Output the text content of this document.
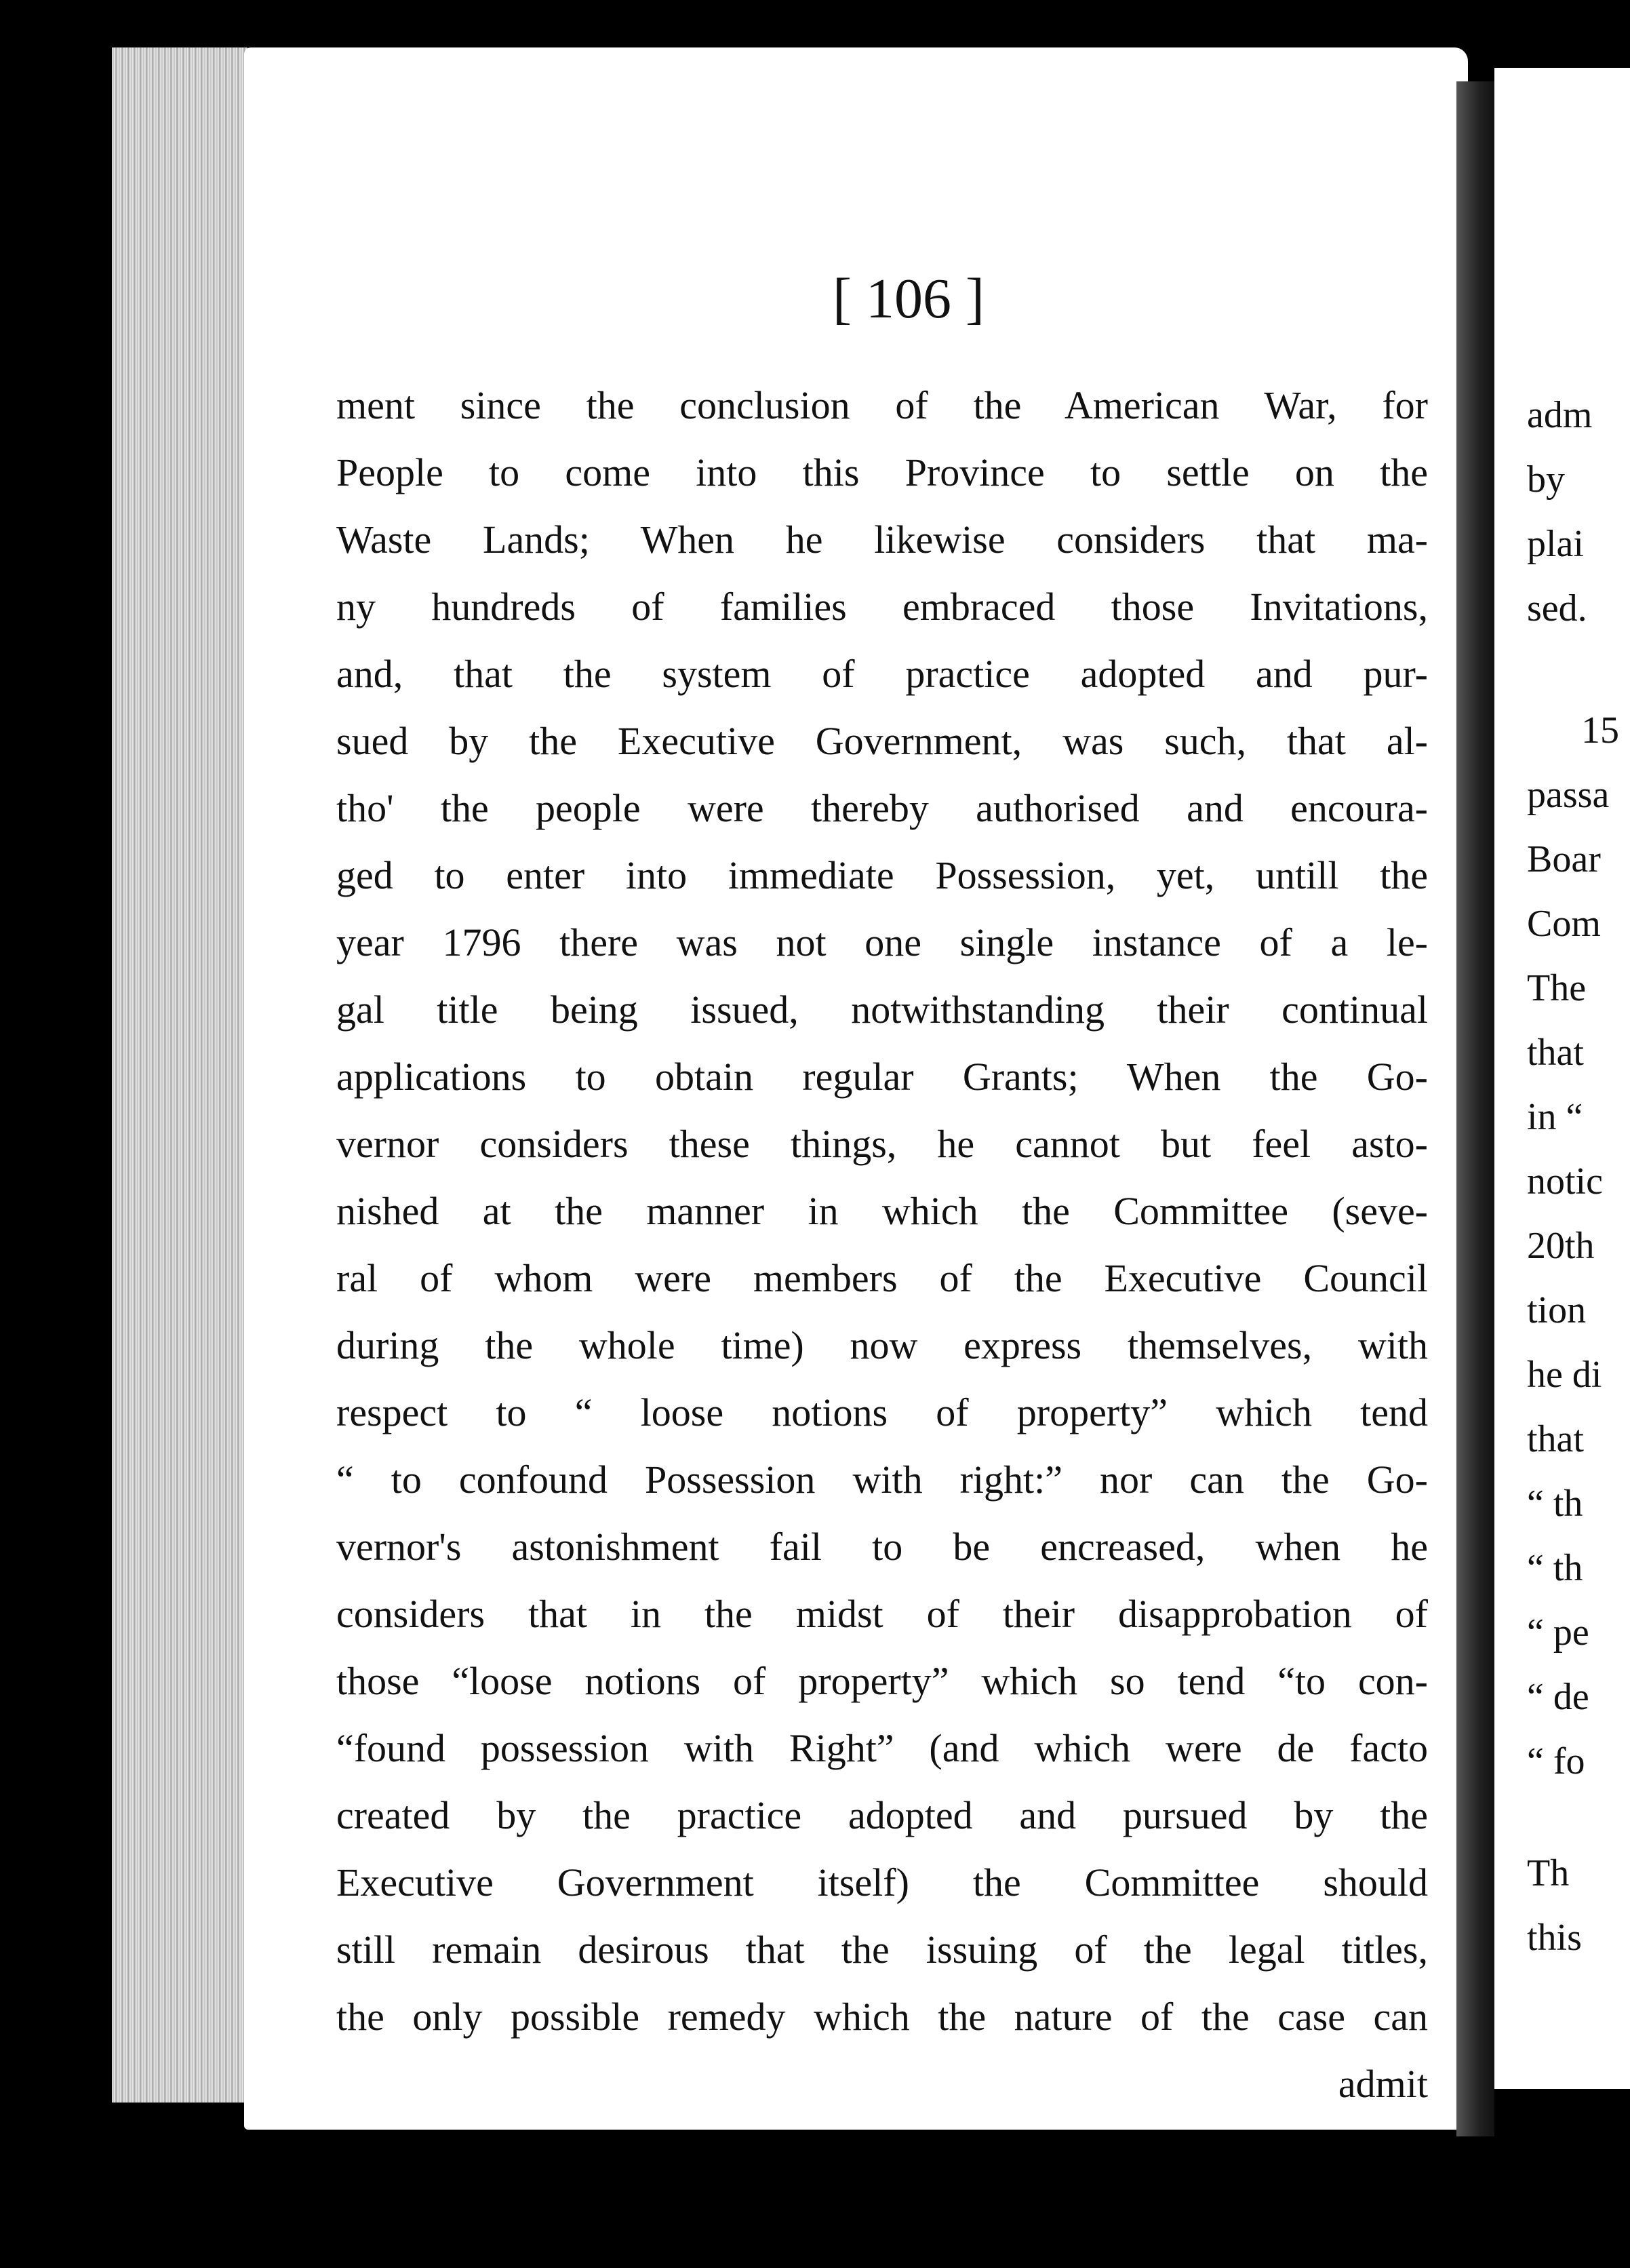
[ 106 ]
ment since the conclusion of the American War, for
People to come into this Province to settle on the
Waste Lands; When he likewise considers that ma-
ny hundreds of families embraced those Invitations,
and, that the system of practice adopted and pur-
sued by the Executive Government, was such, that al-
tho' the people were thereby authorised and encoura-
ged to enter into immediate Possession, yet, untill the
year 1796 there was not one single instance of a le-
gal title being issued, notwithstanding their continual
applications to obtain regular Grants; When the Go-
vernor considers these things, he cannot but feel asto-
nished at the manner in which the Committee (seve-
ral of whom were members of the Executive Council
during the whole time) now express themselves, with
respect to “ loose notions of property” which tend
“ to confound Possession with right:” nor can the Go-
vernor's astonishment fail to be encreased, when he
considers that in the midst of their disapprobation of
those “loose notions of property” which so tend “to con-
“found possession with Right” (and which were de facto
created by the practice adopted and pursued by the
Executive Government itself) the Committee should
still remain desirous that the issuing of the legal titles,
the only possible remedy which the nature of the case can
admit
adm
by
plai
sed.
15
passa
Boar
Com
The
that
in “
notic
20th
tion
he di
that
“ th
“ th
“ pe
“ de
“ fo
Th
this
